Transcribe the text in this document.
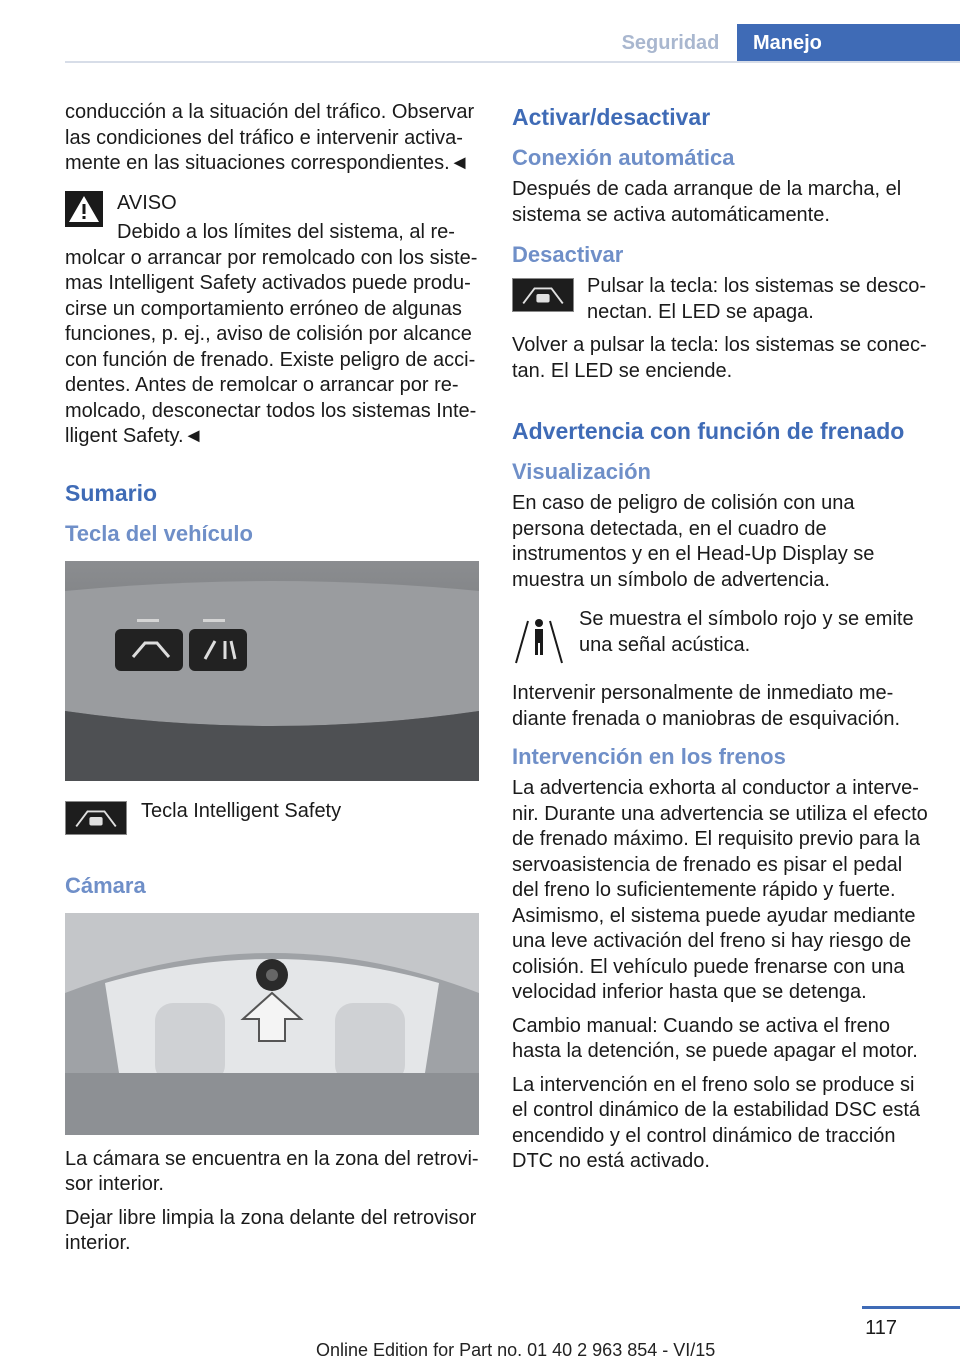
Seguridad	Manejo

conducción a la situación del tráfico. Observar las condiciones del tráfico e intervenir activa-mente en las situaciones correspondientes.◄

AVISO

Debido a los límites del sistema, al re-molcar o arrancar por remolcado con los siste-mas Intelligent Safety activados puede produ-cirse un comportamiento erróneo de algunas funciones, p. ej., aviso de colisión por alcance con función de frenado. Existe peligro de acci-dentes. Antes de remolcar o arrancar por re-molcado, desconectar todos los sistemas Inte-lligent Safety.◄

Sumario
Tecla del vehículo

Tecla Intelligent Safety

Cámara

La cámara se encuentra en la zona del retrovi-sor interior.

Dejar libre limpia la zona delante del retrovisor interior.

Activar/desactivar
Conexión automática

Después de cada arranque de la marcha, el sistema se activa automáticamente.

Desactivar

Pulsar la tecla: los sistemas se desco-nectan. El LED se apaga.

Volver a pulsar la tecla: los sistemas se conec-tan. El LED se enciende.

Advertencia con función de frenado
Visualización

En caso de peligro de colisión con una persona detectada, en el cuadro de instrumentos y en el Head-Up Display se muestra un símbolo de advertencia.

Se muestra el símbolo rojo y se emite una señal acústica.

Intervenir personalmente de inmediato me-diante frenada o maniobras de esquivación.

Intervención en los frenos

La advertencia exhorta al conductor a interve-nir. Durante una advertencia se utiliza el efecto de frenado máximo. El requisito previo para la servoasistencia de frenado es pisar el pedal del freno lo suficientemente rápido y fuerte. Asimismo, el sistema puede ayudar mediante una leve activación del freno si hay riesgo de colisión. El vehículo puede frenarse con una velocidad inferior hasta que se detenga.

Cambio manual: Cuando se activa el freno hasta la detención, se puede apagar el motor.

La intervención en el freno solo se produce si el control dinámico de la estabilidad DSC está encendido y el control dinámico de tracción DTC no está activado.

117
Online Edition for Part no. 01 40 2 963 854 - VI/15
